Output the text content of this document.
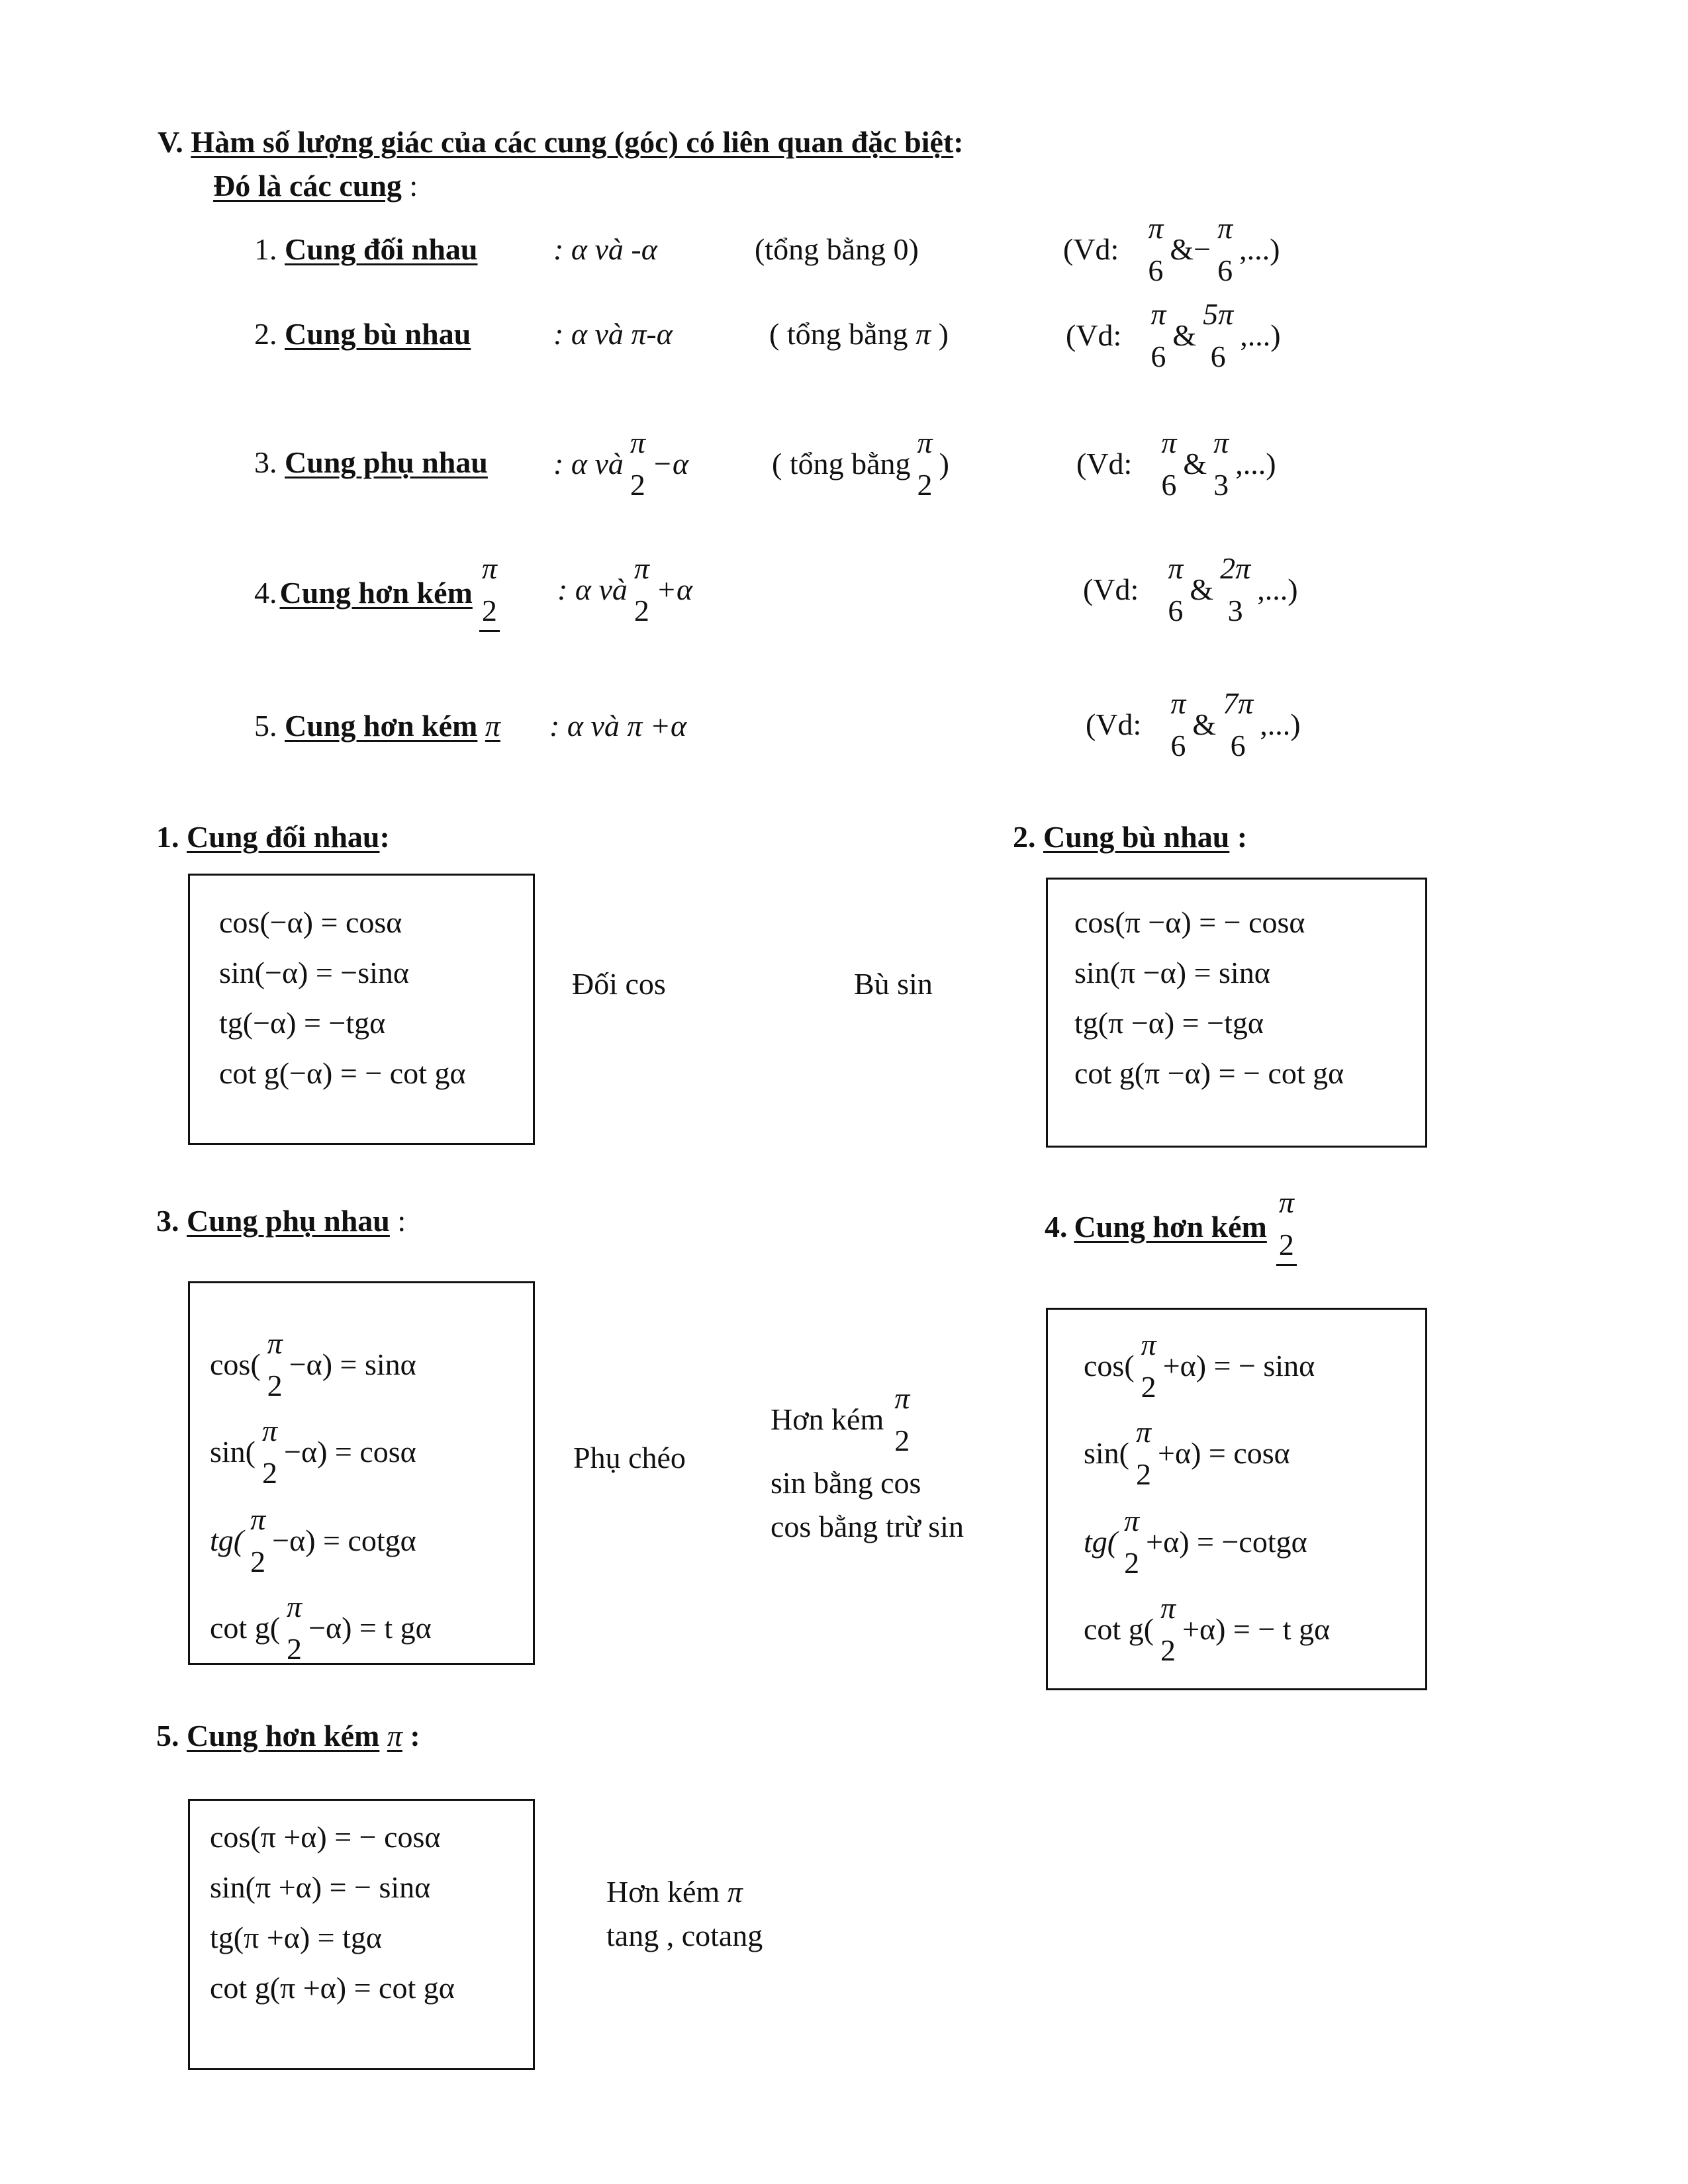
V. Hàm số lượng giác của các cung (góc) có liên quan đặc biệt:
Đó là các cung :
1. Cung đối nhau : α và -α	(tổng bằng 0)	(Vd:
π
6
& −
π
6
,...)
2. Cung bù nhau	: α và π-α	( tổng bằng π )	(Vd:
π
6
&
5π
6
,...)
3. Cung phụ nhau : α và
π
2
−α	( tổng bằng
π
2
)	(Vd:
π
6
&
π
3
,...)
4. Cung hơn kém
π
2
: α và
π
2
+α	(Vd:
π
6
&
2π
3
,...)
5. Cung hơn kém π : α và π +α	(Vd:
π
6
&
7π
6
,...)
1. Cung đối nhau:
cos(−α) = cosα
sin(−α) = −sinα
tg(−α) = −tgα
cot g(−α) = − cot gα
Đối cos	Bù sin
2. Cung bù nhau :
cos(π −α) = − cosα
sin(π −α) = sinα
tg(π −α) = −tgα
cot g(π −α) = − cot gα
3. Cung phụ nhau :
cos(
π
2
−α) = sinα
sin(
π
2
−α) = cosα
tg(
π
2
−α) = cotgα
cot g(
π
2
−α) = t gα
Phụ chéo
Hơn kém
π
2
sin bằng cos
cos bằng trừ sin
4. Cung hơn kém
π
2
cos(
π
2
+α) = − sinα
sin(
π
2
+α) = cosα
tg(
π
2
+α) = −cotgα
cot g(
π
2
+α) = − t gα
5. Cung hơn kém π :
cos(π +α) = − cosα
sin(π +α) = − sinα
tg(π +α) = tgα
cot g(π +α) = cot gα
Hơn kém π
tang , cotang
